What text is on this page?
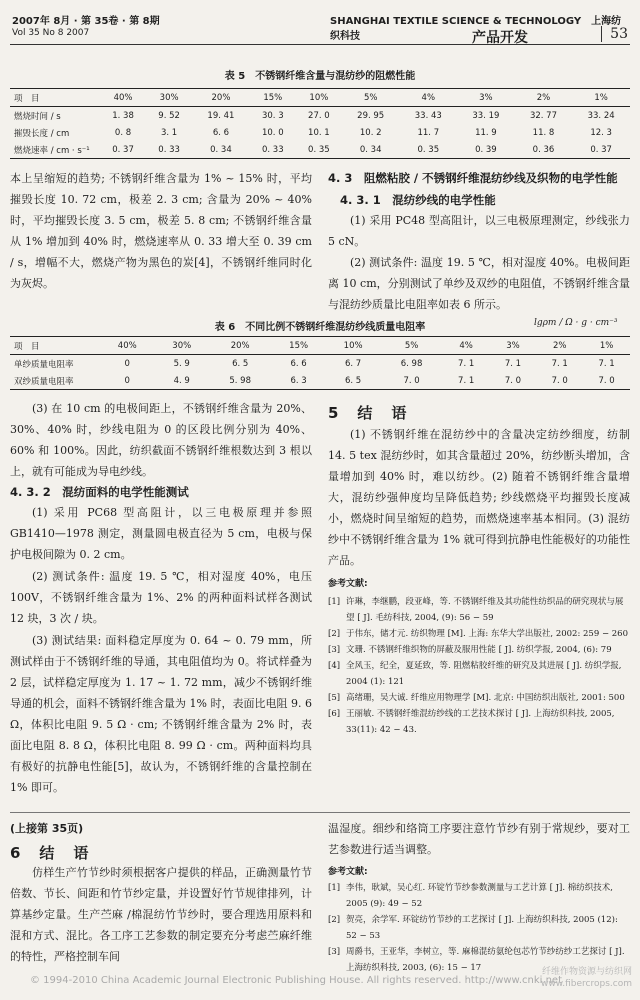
2007年 8月 · 第 35卷 · 第 8期
Vol 35 No 8 2007
SHANGHAI TEXTILE SCIENCE & TECHNOLOGY　上海纺织科技	产品开发	53
表 5　不锈钢纤维含量与混纺纱的阻燃性能
项　目	40%	30%	20%	15%	10%	5%	4%	3%	2%	1%
燃烧时间 / s	1. 38	9. 52	19. 41	30. 3	27. 0	29. 95	33. 43	33. 19	32. 77	33. 24
摧毁长度 / cm	0. 8	3. 1	6. 6	10. 0	10. 1	10. 2	11. 7	11. 9	11. 8	12. 3
燃烧速率 / cm · s⁻¹	0. 37	0. 33	0. 34	0. 33	0. 35	0. 34	0. 35	0. 39	0. 36	0. 37
本上呈缩短的趋势; 不锈钢纤维含量为 1% ~ 15% 时，平均摧毁长度 10. 72 cm，极差 2. 3 cm; 含量为 20% ~ 40% 时，平均摧毁长度 3. 5 cm，极差 5. 8 cm; 不锈钢纤维含量从 1% 增加到 40% 时，燃烧速率从 0. 33 增大至 0. 39 cm / s，增幅不大，燃烧产物为黑色的炭[4]，不锈钢纤维同时化为灰烬。
4. 3　阻燃粘胶 / 不锈钢纤维混纺纱线及织物的电学性能
4. 3. 1　混纺纱线的电学性能
(1) 采用 PC48 型高阻计，以三电极原理测定，纱线张力 5 cN。
(2) 测试条件: 温度 19. 5 ℃，相对湿度 40%。电极间距离 10 cm，分别测试了单纱及双纱的电阻值，不锈钢纤维含量与混纺纱质量比电阻率如表 6 所示。
表 6　不同比例不锈钢纤维混纺纱线质量电阻率	lgρm / Ω · g · cm⁻³
项　目	40%	30%	20%	15%	10%	5%	4%	3%	2%	1%
单纱质量电阻率	0	5. 9	6. 5	6. 6	6. 7	6. 98	7. 1	7. 1	7. 1	7. 1
双纱质量电阻率	0	4. 9	5. 98	6. 3	6. 5	7. 0	7. 1	7. 0	7. 0	7. 0
(3) 在 10 cm 的电极间距上，不锈钢纤维含量为 20%、30%、40% 时，纱线电阻为 0 的区段比例分别为 40%、60% 和 100%。因此，纺织截面不锈钢纤维根数达到 3 根以上，就有可能成为导电纱线。
4. 3. 2　混纺面料的电学性能测试
(1) 采用 PC68 型高阻计，以三电极原理并参照 GB1410—1978 测定，测量圆电极直径为 5 cm，电极与保护电极间隙为 0. 2 cm。
(2) 测试条件: 温度 19. 5 ℃，相对湿度 40%，电压 100V，不锈钢纤维含量为 1%、2% 的两种面料试样各测试 12 块，3 次 / 块。
(3) 测试结果: 面料稳定厚度为 0. 64 ~ 0. 79 mm，所测试样由于不锈钢纤维的导通，其电阻值均为 0。将试样叠为 2 层，试样稳定厚度为 1. 17 ~ 1. 72 mm，减少不锈钢纤维导通的机会，面料不锈钢纤维含量为 1% 时，表面比电阻 9. 6 Ω，体积比电阻 9. 5 Ω · cm; 不锈钢纤维含量为 2% 时，表面比电阻 8. 8 Ω，体积比电阻 8. 99 Ω · cm。两种面料均具有极好的抗静电性能[5]，故认为，不锈钢纤维的含量控制在 1% 即可。
5　结　语
(1) 不锈钢纤维在混纺纱中的含量决定纺纱细度，纺制 14. 5 tex 混纺纱时，如其含量超过 20%，纺纱断头增加，含量增加到 40% 时，难以纺纱。(2) 随着不锈钢纤维含量增大，混纺纱强伸度均呈降低趋势; 纱线燃烧平均摧毁长度减小，燃烧时间呈缩短的趋势，而燃烧速率基本相同。(3) 混纺纱中不锈钢纤维含量为 1% 就可得到抗静电性能极好的功能性产品。
参考文献:
[1] 许琳，李继鹏，段亚峰，等. 不锈钢纤维及其功能性纺织品的研究现状与展望 [ J]. 毛纺科技, 2004, (9): 56 − 59
[2] 于伟东，储才元. 纺织物理 [M]. 上海: 东华大学出版社, 2002: 259 − 260
[3] 文珊. 不锈钢纤维织物的屏蔽及服用性能 [ J]. 纺织学报, 2004, (6): 79
[4] 全风玉，纪全，夏延致，等. 阻燃粘胶纤维的研究及其进展 [ J]. 纺织学报, 2004 (1): 121
[5] 高绪珊，吴大诚. 纤维应用物理学 [M]. 北京: 中国纺织出版社, 2001: 500
[6] 王丽敏. 不锈钢纤维混纺纱线的工艺技术探讨 [ J]. 上海纺织科技, 2005, 33(11): 42 − 43.
(上接第 35页)
6　结　语
仿样生产竹节纱时须根据客户提供的样品，正确测量竹节倍数、节长、间距和竹节纱定量，并设置好竹节规律排列，计算基纱定量。生产苎麻 /棉混纺竹节纱时，要合理选用原料和混和方式、混比。各工序工艺参数的制定要充分考虑苎麻纤维的特性，严格控制车间
温湿度。细纱和络筒工序要注意竹节纱有别于常规纱，要对工艺参数进行适当调整。
参考文献:
[1] 李伟，耿斌，吴心红. 环锭竹节纱参数测量与工艺计算 [ J]. 棉纺织技术, 2005 (9): 49 − 52
[2] 贺亮，余学军. 环锭纺竹节纱的工艺探讨 [ J]. 上海纺织科技, 2005 (12): 52 − 53
[3] 周爵书，王亚华，李树立，等. 麻棉混纺氨纶包芯竹节纱纺纱工艺探讨 [ J]. 上海纺织科技, 2003, (6): 15 − 17
© 1994-2010 China Academic Journal Electronic Publishing House. All rights reserved. http://www.cnki.net
纤维作物资源与纺织网
www.fibercrops.com
